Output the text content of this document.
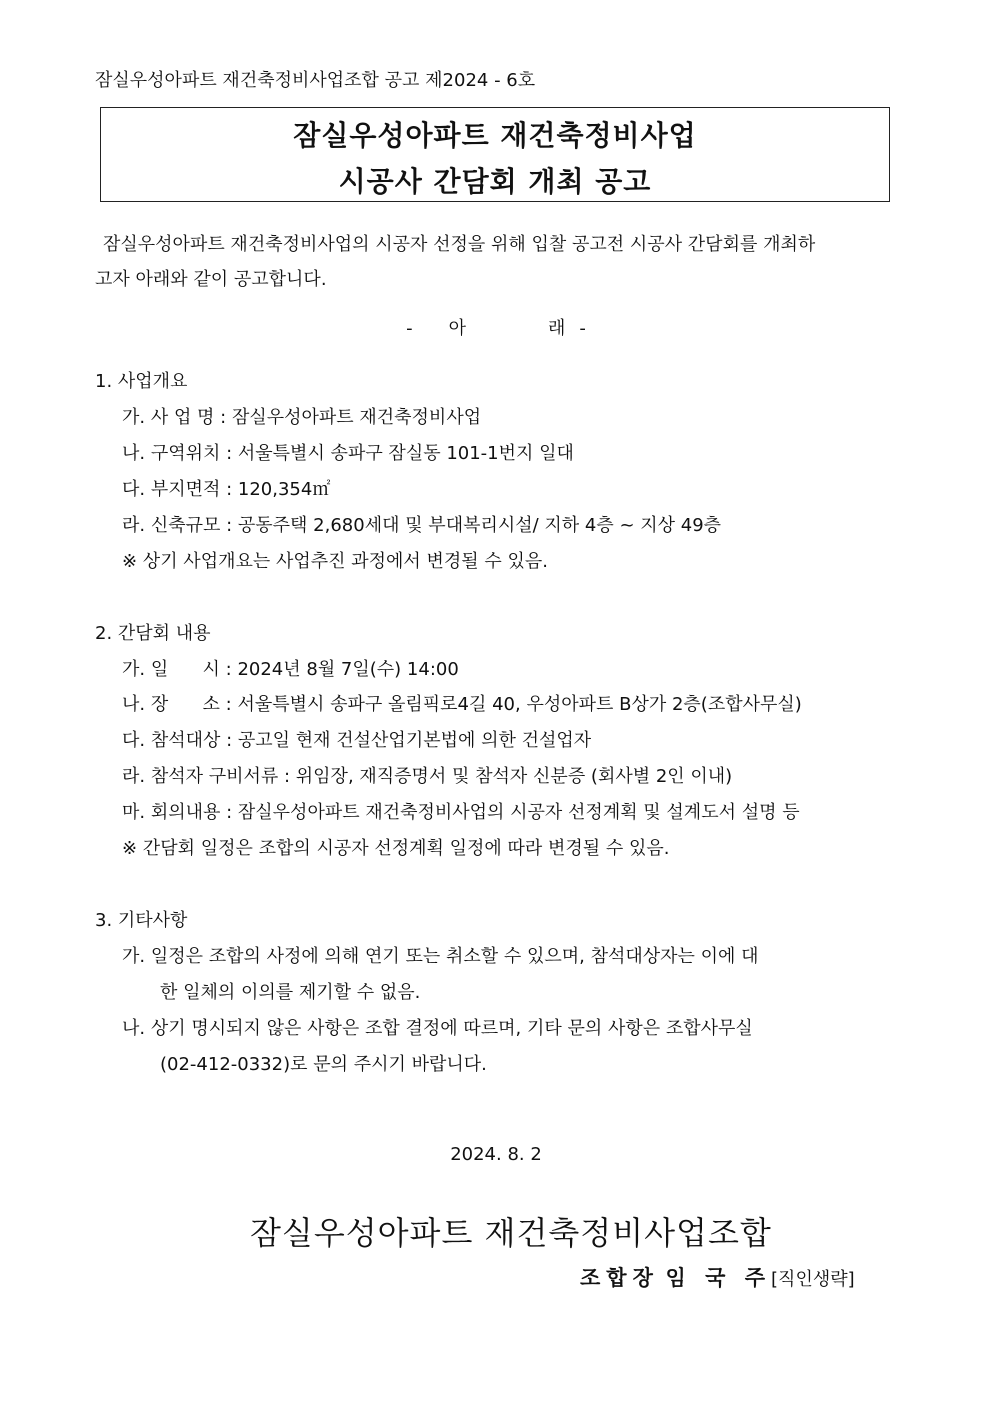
잠실우성아파트 재건축정비사업조합 공고 제2024 - 6호
잠실우성아파트 재건축정비사업
시공사 간담회 개최 공고
잠실우성아파트 재건축정비사업의 시공자 선정을 위해 입찰 공고전 시공사 간담회를 개최하
고자 아래와 같이 공고합니다.
- 아	래 -
1. 사업개요
가. 사 업 명 : 잠실우성아파트 재건축정비사업
나. 구역위치 : 서울특별시 송파구 잠실동 101-1번지 일대
다. 부지면적 : 120,354㎡
라. 신축규모 : 공동주택 2,680세대 및 부대복리시설/ 지하 4층 ~ 지상 49층
※ 상기 사업개요는 사업추진 과정에서 변경될 수 있음.
2. 간담회 내용
가. 일      시 : 2024년 8월 7일(수) 14:00
나. 장      소 : 서울특별시 송파구 올림픽로4길 40, 우성아파트 B상가 2층(조합사무실)
다. 참석대상 : 공고일 현재 건설산업기본법에 의한 건설업자
라. 참석자 구비서류 : 위임장, 재직증명서 및 참석자 신분증 (회사별 2인 이내)
마. 회의내용 : 잠실우성아파트 재건축정비사업의 시공자 선정계획 및 설계도서 설명 등
※ 간담회 일정은 조합의 시공자 선정계획 일정에 따라 변경될 수 있음.
3. 기타사항
가. 일정은 조합의 사정에 의해 연기 또는 취소할 수 있으며, 참석대상자는 이에 대
한 일체의 이의를 제기할 수 없음.
나. 상기 명시되지 않은 사항은 조합 결정에 따르며, 기타 문의 사항은 조합사무실
(02-412-0332)로 문의 주시기 바랍니다.
2024. 8. 2
잠실우성아파트 재건축정비사업조합
조합장 임 국 주[직인생략]
